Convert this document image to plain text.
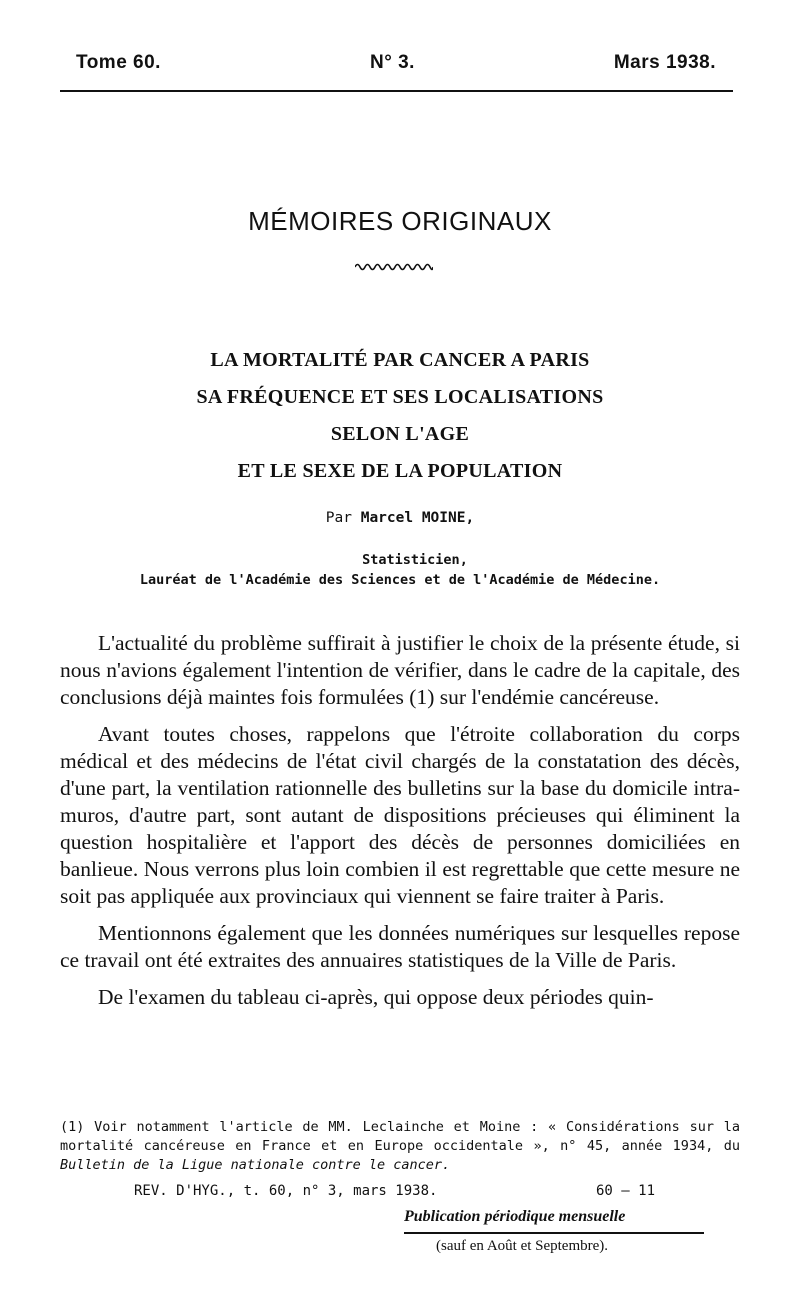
Tome 60.	N° 3.	Mars 1938.
MÉMOIRES ORIGINAUX
LA MORTALITÉ PAR CANCER A PARIS
SA FRÉQUENCE ET SES LOCALISATIONS
SELON L'AGE
ET LE SEXE DE LA POPULATION
Par Marcel MOINE,
Statisticien,
Lauréat de l'Académie des Sciences et de l'Académie de Médecine.

L'actualité du problème suffirait à justifier le choix de la présente étude, si nous n'avions également l'intention de vérifier, dans le cadre de la capitale, des conclusions déjà maintes fois formulées (1) sur l'endémie cancéreuse.

Avant toutes choses, rappelons que l'étroite collaboration du corps médical et des médecins de l'état civil chargés de la constatation des décès, d'une part, la ventilation rationnelle des bulletins sur la base du domicile intra-muros, d'autre part, sont autant de dispositions précieuses qui éliminent la question hospitalière et l'apport des décès de personnes domiciliées en banlieue. Nous verrons plus loin combien il est regrettable que cette mesure ne soit pas appliquée aux provinciaux qui viennent se faire traiter à Paris.

Mentionnons également que les données numériques sur lesquelles repose ce travail ont été extraites des annuaires statistiques de la Ville de Paris.

De l'examen du tableau ci-après, qui oppose deux périodes quin-

(1) Voir notamment l'article de MM. Leclainche et Moine : « Considérations sur la mortalité cancéreuse en France et en Europe occidentale », n° 45, année 1934, du Bulletin de la Ligue nationale contre le cancer.
REV. D'HYG., t. 60, n° 3, mars 1938.	60 — 11
Publication périodique mensuelle
(sauf en Août et Septembre).
